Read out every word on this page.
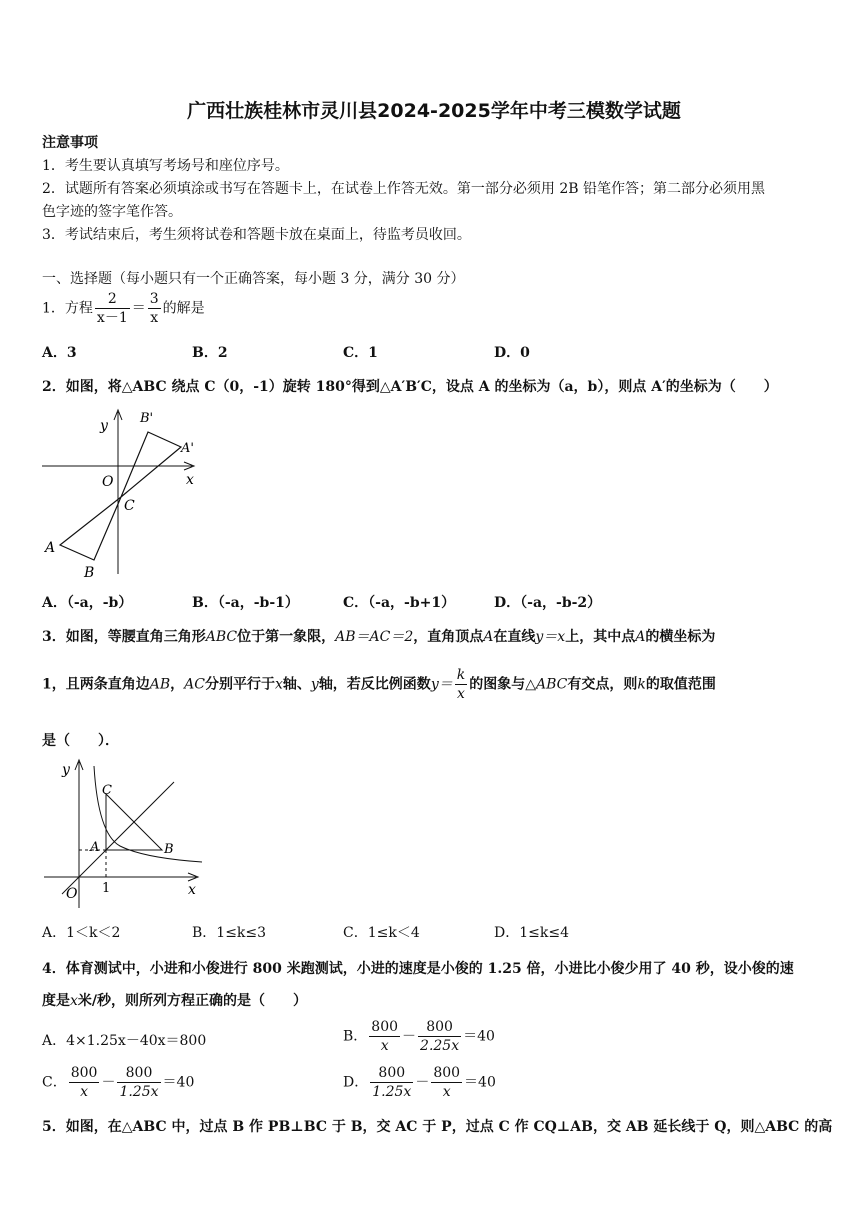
广西壮族桂林市灵川县2024-2025学年中考三模数学试题
注意事项
1．考生要认真填写考场号和座位序号。
2．试题所有答案必须填涂或书写在答题卡上，在试卷上作答无效。第一部分必须用 2B 铅笔作答；第二部分必须用黑
色字迹的签字笔作答。
3．考试结束后，考生须将试卷和答题卡放在桌面上，待监考员收回。
一、选择题（每小题只有一个正确答案，每小题 3 分，满分 30 分）
1．方程 $\frac{2}{x-1} = \frac{3}{x}$ 的解是
A．3	B．2	C．1	D．0
2．如图，将△ABC 绕点 C（0，-1）旋转 180°得到△A′B′C，设点 A 的坐标为（a，b），则点 A′的坐标为（　　）
y
x
O
C
A
B
A'
B'
A．（-a，-b）	B．（-a，-b-1）	C．（-a，-b+1）	D．（-a，-b-2）
3．如图，等腰直角三角形ABC位于第一象限，AB＝AC＝2，直角顶点A在直线y＝x上，其中点A的横坐标为
1，且两条直角边AB，AC分别平行于x轴、y轴，若反比例函数$y= \frac{k}{x}$ 的图象与△ABC有交点，则k的取值范围
是（　　）．
y
x
O 1
A	B
C
A．1＜k＜2	B．1≤k≤3	C．1≤k＜4	D．1≤k≤4
4．体育测试中，小进和小俊进行 800 米跑测试，小进的速度是小俊的 1.25 倍，小进比小俊少用了 40 秒，设小俊的速
度是x米/秒，则所列方程正确的是（　　）
A．4×1.25x－40x＝800	B． $\frac{800}{x} - \frac{800}{2.25x} =40$
C． $\frac{800}{x} - \frac{800}{1.25x} =40$	D． $\frac{800}{1.25x} - \frac{800}{x} =40$
5．如图，在△ABC 中，过点 B 作 PB⊥BC 于 B，交 AC 于 P，过点 C 作 CQ⊥AB，交 AB 延长线于 Q，则△ABC 的高
